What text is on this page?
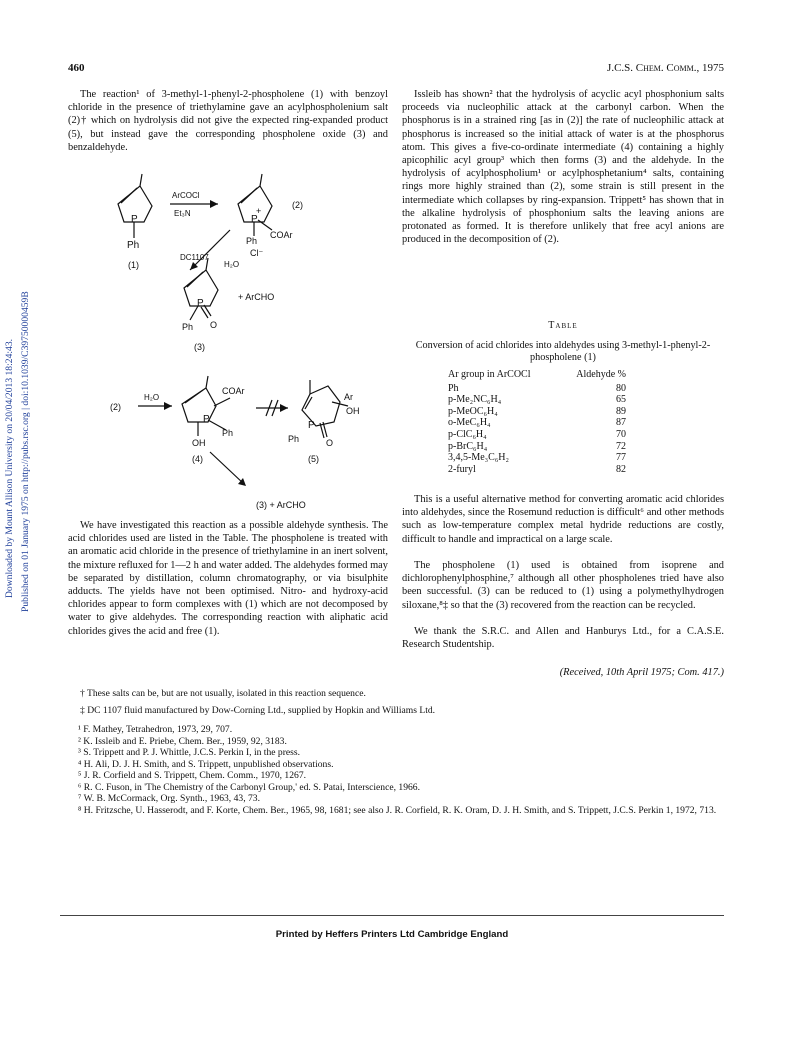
Downloaded by Mount Allison University on 20/04/2013 18:24:43. Published on 01 January 1975 on http://pubs.rsc.org | doi:10.1039/C39750000459B
460	J.C.S. Chem. Comm., 1975

The reaction¹ of 3-methyl-1-phenyl-2-phospholene (1) with benzoyl chloride in the presence of triethylamine gave an acylphospholenium salt (2)† which on hydrolysis did not give the expected ring-expanded product (5), but instead gave the corresponding phospholene oxide (3) and benzaldehyde.

P
Ph
(1)
ArCOCl
Et₃N	+
P
(2)
Ph
COAr
Cl⁻
DC1107
H₂O
+ ArCHO
P
Ph O
(3)
(2)
H₂O
COAr
P
Ph
OH
(4)
Ar
OH
P
Ph	O
(5)
(3) + ArCHO

We have investigated this reaction as a possible aldehyde synthesis. The acid chlorides used are listed in the Table. The phospholene is treated with an aromatic acid chloride in the presence of triethylamine in an inert solvent, the mixture refluxed for 1—2 h and water added. The aldehydes formed may be separated by distillation, column chromatography, or via bisulphite adducts. The yields have not been optimised. Nitro- and hydroxy-acid chlorides appear to form complexes with (1) which are not decomposed by water to give aldehydes. The corresponding reaction with aliphatic acid chlorides gives the acid and free (1).

Issleib has shown² that the hydrolysis of acyclic acyl phosphonium salts proceeds via nucleophilic attack at the carbonyl carbon. When the phosphorus is in a strained ring [as in (2)] the rate of nucleophilic attack at phosphorus is increased so the initial attack of water is at the phosphorus atom. This gives a five-co-ordinate intermediate (4) containing a highly apicophilic acyl group³ which then forms (3) and the aldehyde. In the hydrolysis of acylphospholium¹ or acylphosphetanium⁴ salts, containing rings more highly strained than (2), some strain is still present in the intermediate which collapses by ring-expansion. Trippett⁵ has shown that in the alkaline hydrolysis of phosphonium salts the leaving anions are protonated as formed. It is therefore unlikely that free acyl anions are produced in the decomposition of (2).

Table
Conversion of acid chlorides into aldehydes using 3-methyl-1-phenyl-2-phospholene (1)
Ar group in ArCOCl	Aldehyde %
Ph	80
p-Me₂NC₆H₄	65
p-MeOC₆H₄	89
o-MeC₆H₄	87
p-ClC₆H₄	70
p-BrC₆H₄	72
3,4,5-Me₃C₆H₂	77
2-furyl	82

This is a useful alternative method for converting aromatic acid chlorides into aldehydes, since the Rosemund reduction is difficult⁶ and other methods such as low-temperature complex metal hydride reductions are costly, difficult to handle and impractical on a large scale.

The phospholene (1) used is obtained from isoprene and dichlorophenylphosphine,⁷ although all other phospholenes tried have also been successful. (3) can be reduced to (1) using a polymethylhydrogen siloxane,⁸‡ so that the (3) recovered from the reaction can be recycled.

We thank the S.R.C. and Allen and Hanburys Ltd., for a C.A.S.E. Research Studentship.

(Received, 10th April 1975; Com. 417.)

† These salts can be, but are not usually, isolated in this reaction sequence.

‡ DC 1107 fluid manufactured by Dow-Corning Ltd., supplied by Hopkin and Williams Ltd.

¹ F. Mathey, Tetrahedron, 1973, 29, 707.

² K. Issleib and E. Priebe, Chem. Ber., 1959, 92, 3183.

³ S. Trippett and P. J. Whittle, J.C.S. Perkin I, in the press.

⁴ H. Ali, D. J. H. Smith, and S. Trippett, unpublished observations.

⁵ J. R. Corfield and S. Trippett, Chem. Comm., 1970, 1267.

⁶ R. C. Fuson, in 'The Chemistry of the Carbonyl Group,' ed. S. Patai, Interscience, 1966.

⁷ W. B. McCormack, Org. Synth., 1963, 43, 73.

⁸ H. Fritzsche, U. Hasserodt, and F. Korte, Chem. Ber., 1965, 98, 1681; see also J. R. Corfield, R. K. Oram, D. J. H. Smith, and S. Trippett, J.C.S. Perkin 1, 1972, 713.

Printed by Heffers Printers Ltd Cambridge England
